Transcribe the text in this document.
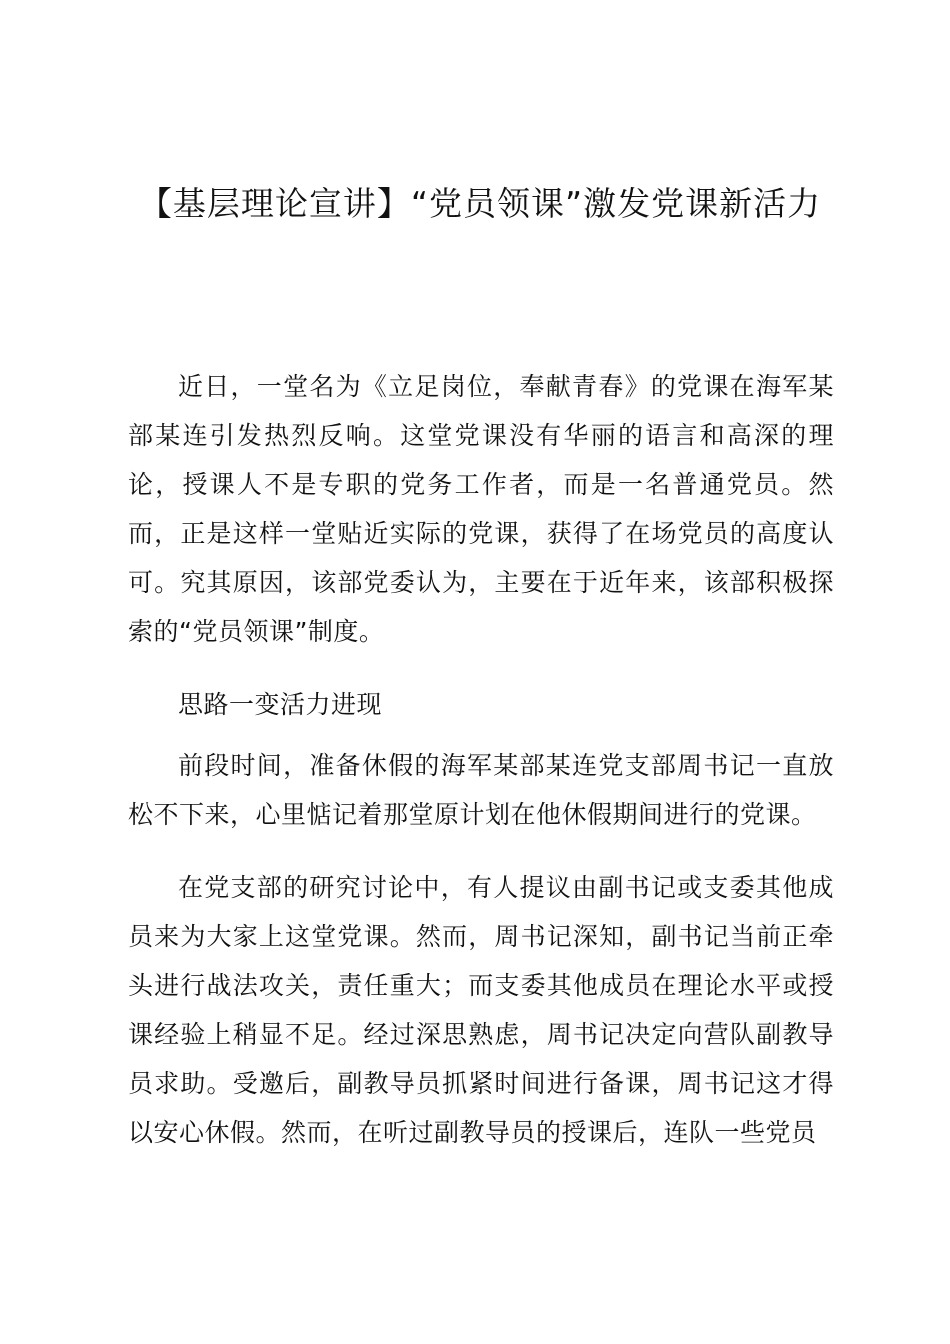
【基层理论宣讲】“党员领课”激发党课新活力

近日，一堂名为《立足岗位，奉献青春》的党课在海军某部某连引发热烈反响。这堂党课没有华丽的语言和高深的理论，授课人不是专职的党务工作者，而是一名普通党员。然而，正是这样一堂贴近实际的党课，获得了在场党员的高度认可。究其原因，该部党委认为，主要在于近年来，该部积极探索的“党员领课”制度。

思路一变活力进现

前段时间，准备休假的海军某部某连党支部周书记一直放松不下来，心里惦记着那堂原计划在他休假期间进行的党课。

在党支部的研究讨论中，有人提议由副书记或支委其他成员来为大家上这堂党课。然而，周书记深知，副书记当前正牵头进行战法攻关，责任重大；而支委其他成员在理论水平或授课经验上稍显不足。经过深思熟虑，周书记决定向营队副教导员求助。受邀后，副教导员抓紧时间进行备课，周书记这才得以安心休假。然而，在听过副教导员的授课后，连队一些党员
